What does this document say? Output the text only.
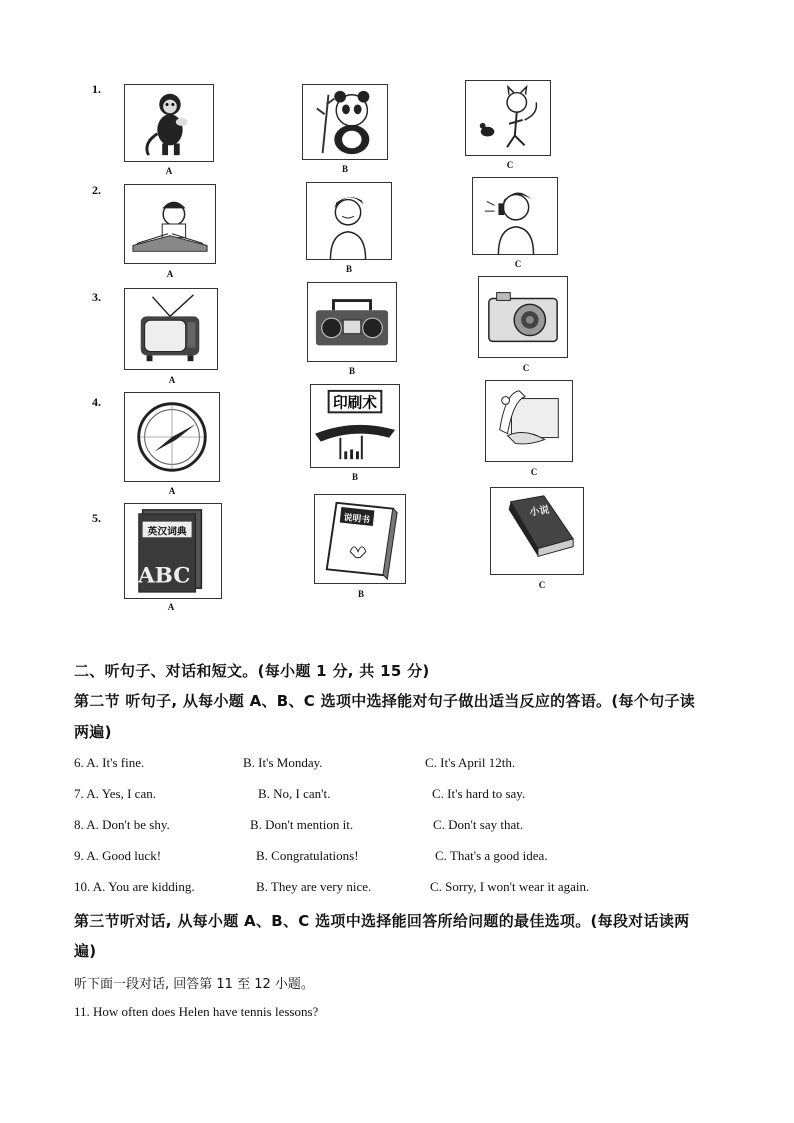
1.
A	B	C
2.
A	B	C
3.
A
B	C
4.
A
印刷术
B	C
5.
英汉词典
ABC
A
说明书
B
小说
C
二、听句子、对话和短文。(每小题 1 分, 共 15 分)
第二节 听句子, 从每小题 A、B、C 选项中选择能对句子做出适当反应的答语。(每个句子读
两遍)
6. A. It's fine.	B. It's Monday.	C. It's April 12th.
7. A. Yes, I can.	B. No, I can't.	C. It's hard to say.
8. A. Don't be shy.	B. Don't mention it.	C. Don't say that.
9. A. Good luck!	B. Congratulations!	C. That's a good idea.
10. A. You are kidding.	B. They are very nice.	C. Sorry, I won't wear it again.
第三节听对话, 从每小题 A、B、C 选项中选择能回答所给问题的最佳选项。(每段对话读两
遍)
听下面一段对话, 回答第 11 至 12 小题。
11. How often does Helen have tennis lessons?
